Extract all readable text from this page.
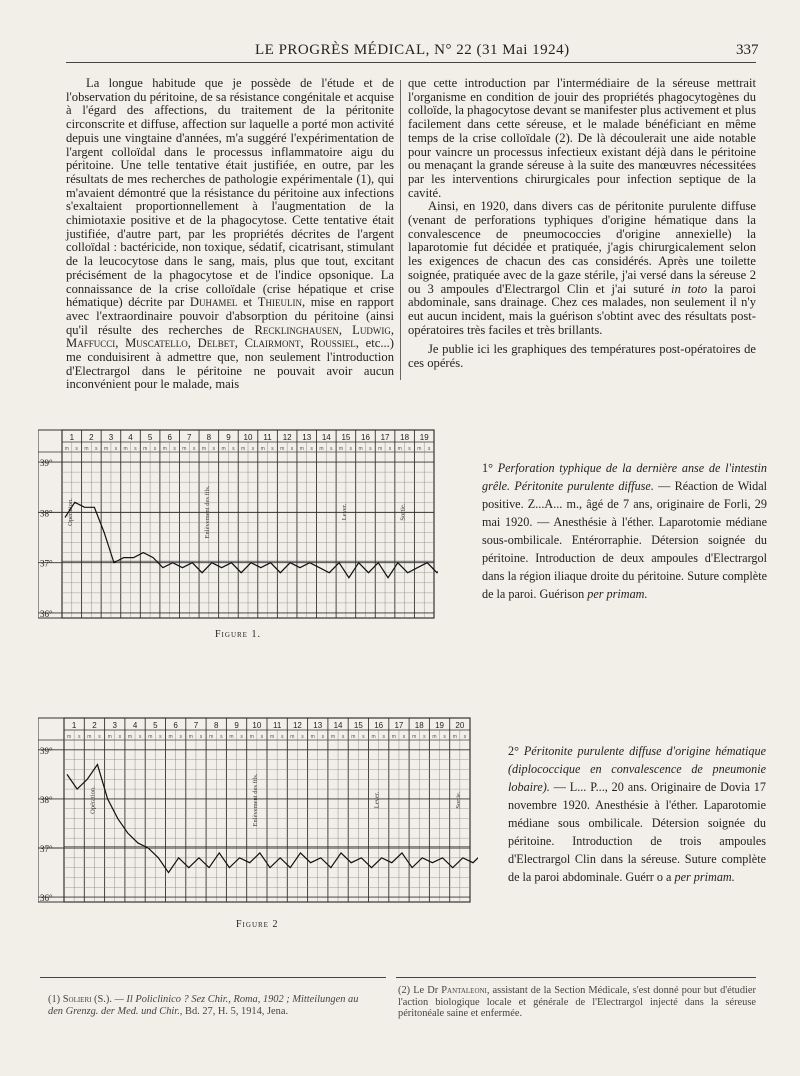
LE PROGRÈS MÉDICAL, N° 22 (31 Mai 1924)	337

La longue habitude que je possède de l'étude et de l'observation du péritoine, de sa résistance congénitale et acquise à l'égard des affections, du traitement de la péritonite circonscrite et diffuse, affection sur laquelle a porté mon activité depuis une vingtaine d'années, m'a suggéré l'expérimentation de l'argent colloïdal dans le processus inflammatoire aigu du péritoine. Une telle tentative était justifiée, en outre, par les résultats de mes recherches de pathologie expérimentale (1), qui m'avaient démontré que la résistance du péritoine aux infections s'exaltaient proportionnellement à l'augmentation de la chimiotaxie positive et de la phagocytose. Cette tentative était justifiée, d'autre part, par les propriétés décrites de l'argent colloïdal : bactéricide, non toxique, sédatif, cicatrisant, stimulant de la leucocytose dans le sang, mais, plus que tout, excitant précisément de la phagocytose et de l'indice opsonique. La connaissance de la crise colloïdale (crise hépatique et crise hématique) décrite par Duhamel et Thieulin, mise en rapport avec l'extraordinaire pouvoir d'absorption du péritoine (ainsi qu'il résulte des recherches de Recklinghausen, Ludwig, Maffucci, Muscatello, Delbet, Clairmont, Roussiel, etc...) me conduisirent à admettre que, non seulement l'introduction d'Electrargol dans le péritoine ne pouvait avoir aucun inconvénient pour le malade, mais

que cette introduction par l'intermédiaire de la séreuse mettrait l'organisme en condition de jouir des propriétés phagocytogènes du colloïde, la phagocytose devant se manifester plus activement et plus facilement dans cette séreuse, et le malade bénéficiant en même temps de la crise colloïdale (2). De là découlerait une aide notable pour vaincre un processus infectieux existant déjà dans le péritoine ou menaçant la grande séreuse à la suite des manœuvres nécessitées par les interventions chirurgicales pour infection septique de la cavité.

Ainsi, en 1920, dans divers cas de péritonite purulente diffuse (venant de perforations typhiques d'origine hématique dans la convalescence de pneumococcies d'origine annexielle) la laparotomie fut décidée et pratiquée, j'agis chirurgicalement selon les exigences de chacun des cas considérés. Après une toilette soignée, pratiquée avec de la gaze stérile, j'ai versé dans la séreuse 2 ou 3 ampoules d'Electrargol Clin et j'ai suturé in toto la paroi abdominale, sans drainage. Chez ces malades, non seulement il n'y eut aucun incident, mais la guérison s'obtint avec des résultats post-opératoires très faciles et très brillants.

Je publie ici les graphiques des températures post-opératoires de ces opérés.

1
m s
2
m s
3
m s
4
m s
5
m s
6
m s
7
m s
8
m s
9
m s
10
m s
11
m s
12
m s
13
m s
14
m s
15
m s
16
m s
17
m s
18
m s
19
m s
39°
38°
37°
36°
Opération.	Enlèvement des fils.	Lever.	Sortie.
Figure 1.
1° Perforation typhique de la dernière anse de l'intestin grêle. Péritonite purulente diffuse. — Réaction de Widal positive. Z...A... m., âgé de 7 ans, originaire de Forli, 29 mai 1920. — Anesthésie à l'éther. Laparotomie médiane sous-ombilicale. Entérorraphie. Détersion soignée du péritoine. Introduction de deux ampoules d'Electrargol dans la région iliaque droite du péritoine. Suture complète de la paroi. Guérison per primam.
1
m s
2
m s
3
m s
4
m s
5
m s
6
m s
7
m s
8
m s
9
m s
10
m s
11
m s
12
m s
13
m s
14
m s
15
m s
16
m s
17
m s
18
m s
19
m s
20
m s
39°
38°
37°
36°
Opération.	Enlèvement des fils.	Lever.	Sortie.
Figure 2
2° Péritonite purulente diffuse d'origine hématique (diplococcique en convalescence de pneumonie lobaire). — L... P..., 20 ans. Originaire de Dovia 17 novembre 1920. Anesthésie à l'éther. Laparotomie médiane sous ombilicale. Détersion soignée du péritoine. Introduction de trois ampoules d'Electrargol Clin dans la séreuse. Suture complète de la paroi abdominale. Guérr o a per primam.
(1) Solieri (S.). — Il Policlinico ? Sez Chir., Roma, 1902 ; Mitteilungen au den Grenzg. der Med. und Chir., Bd. 27, H. 5, 1914, Jena.
(2) Le Dr Pantaleoni, assistant de la Section Médicale, s'est donné pour but d'étudier l'action biologique locale et générale de l'Electrargol injecté dans la séreuse péritonéale saine et enfermée.
